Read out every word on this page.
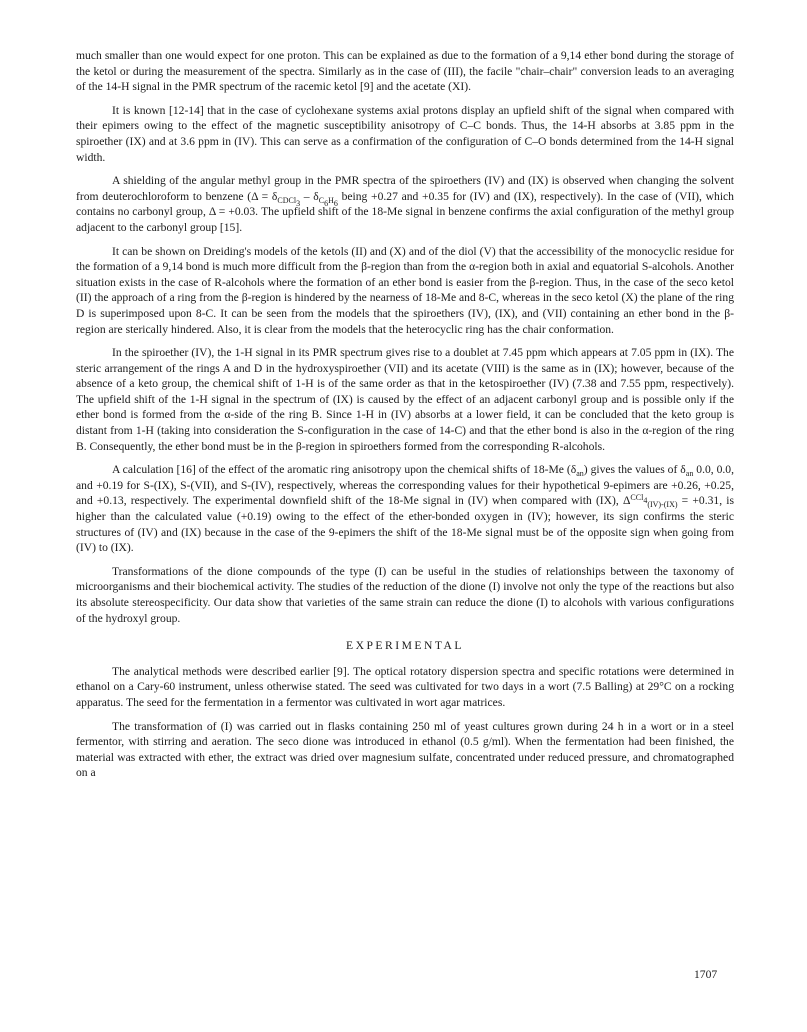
much smaller than one would expect for one proton. This can be explained as due to the formation of a 9,14 ether bond during the storage of the ketol or during the measurement of the spectra. Similarly as in the case of (III), the facile "chair–chair" conversion leads to an averaging of the 14-H signal in the PMR spectrum of the racemic ketol [9] and the acetate (XI).

It is known [12-14] that in the case of cyclohexane systems axial protons display an upfield shift of the signal when compared with their epimers owing to the effect of the magnetic susceptibility anisotropy of C–C bonds. Thus, the 14-H absorbs at 3.85 ppm in the spiroether (IX) and at 3.6 ppm in (IV). This can serve as a confirmation of the configuration of C–O bonds determined from the 14-H signal width.

A shielding of the angular methyl group in the PMR spectra of the spiroethers (IV) and (IX) is observed when changing the solvent from deuterochloroform to benzene ($\Delta = \delta_{CDCl_3} - \delta_{C_6H_6}$ being +0.27 and +0.35 for (IV) and (IX), respectively). In the case of (VII), which contains no carbonyl group, Δ = +0.03. The upfield shift of the 18-Me signal in benzene confirms the axial configuration of the methyl group adjacent to the carbonyl group [15].

It can be shown on Dreiding's models of the ketols (II) and (X) and of the diol (V) that the accessibility of the monocyclic residue for the formation of a 9,14 bond is much more difficult from the β-region than from the α-region both in axial and equatorial S-alcohols. Another situation exists in the case of R-alcohols where the formation of an ether bond is easier from the β-region. Thus, in the case of the seco ketol (II) the approach of a ring from the β-region is hindered by the nearness of 18-Me and 8-C, whereas in the seco ketol (X) the plane of the ring D is superimposed upon 8-C. It can be seen from the models that the spiroethers (IV), (IX), and (VII) containing an ether bond in the β-region are sterically hindered. Also, it is clear from the models that the heterocyclic ring has the chair conformation.

In the spiroether (IV), the 1-H signal in its PMR spectrum gives rise to a doublet at 7.45 ppm which appears at 7.05 ppm in (IX). The steric arrangement of the rings A and D in the hydroxyspiroether (VII) and its acetate (VIII) is the same as in (IX); however, because of the absence of a keto group, the chemical shift of 1-H is of the same order as that in the ketospiroether (IV) (7.38 and 7.55 ppm, respectively). The upfield shift of the 1-H signal in the spectrum of (IX) is caused by the effect of an adjacent carbonyl group and is possible only if the ether bond is formed from the α-side of the ring B. Since 1-H in (IV) absorbs at a lower field, it can be concluded that the keto group is distant from 1-H (taking into consideration the S-configuration in the case of 14-C) and that the ether bond is also in the α-region of the ring B. Consequently, the ether bond must be in the β-region in spiroethers formed from the corresponding R-alcohols.

A calculation [16] of the effect of the aromatic ring anisotropy upon the chemical shifts of 18-Me $(\delta_{an})$ gives the values of $\delta_{an}$ 0.0, 0.0, and +0.19 for S-(IX), S-(VII), and S-(IV), respectively, whereas the corresponding values for their hypothetical 9-epimers are +0.26, +0.25, and +0.13, respectively. The experimental downfield shift of the 18-Me signal in (IV) when compared with (IX), $\Delta^{CCl_4}_{(IV)-(IX)} = +0.31$, is higher than the calculated value (+0.19) owing to the effect of the ether-bonded oxygen in (IV); however, its sign confirms the steric structures of (IV) and (IX) because in the case of the 9-epimers the shift of the 18-Me signal must be of the opposite sign when going from (IV) to (IX).

Transformations of the dione compounds of the type (I) can be useful in the studies of relationships between the taxonomy of microorganisms and their biochemical activity. The studies of the reduction of the dione (I) involve not only the type of the reactions but also its absolute stereospecificity. Our data show that varieties of the same strain can reduce the dione (I) to alcohols with various configurations of the hydroxyl group.

EXPERIMENTAL

The analytical methods were described earlier [9]. The optical rotatory dispersion spectra and specific rotations were determined in ethanol on a Cary-60 instrument, unless otherwise stated. The seed was cultivated for two days in a wort (7.5 Balling) at 29°C on a rocking apparatus. The seed for the fermentation in a fermentor was cultivated in wort agar matrices.

The transformation of (I) was carried out in flasks containing 250 ml of yeast cultures grown during 24 h in a wort or in a steel fermentor, with stirring and aeration. The seco dione was introduced in ethanol (0.5 g/ml). When the fermentation had been finished, the material was extracted with ether, the extract was dried over magnesium sulfate, concentrated under reduced pressure, and chromatographed on a

1707
